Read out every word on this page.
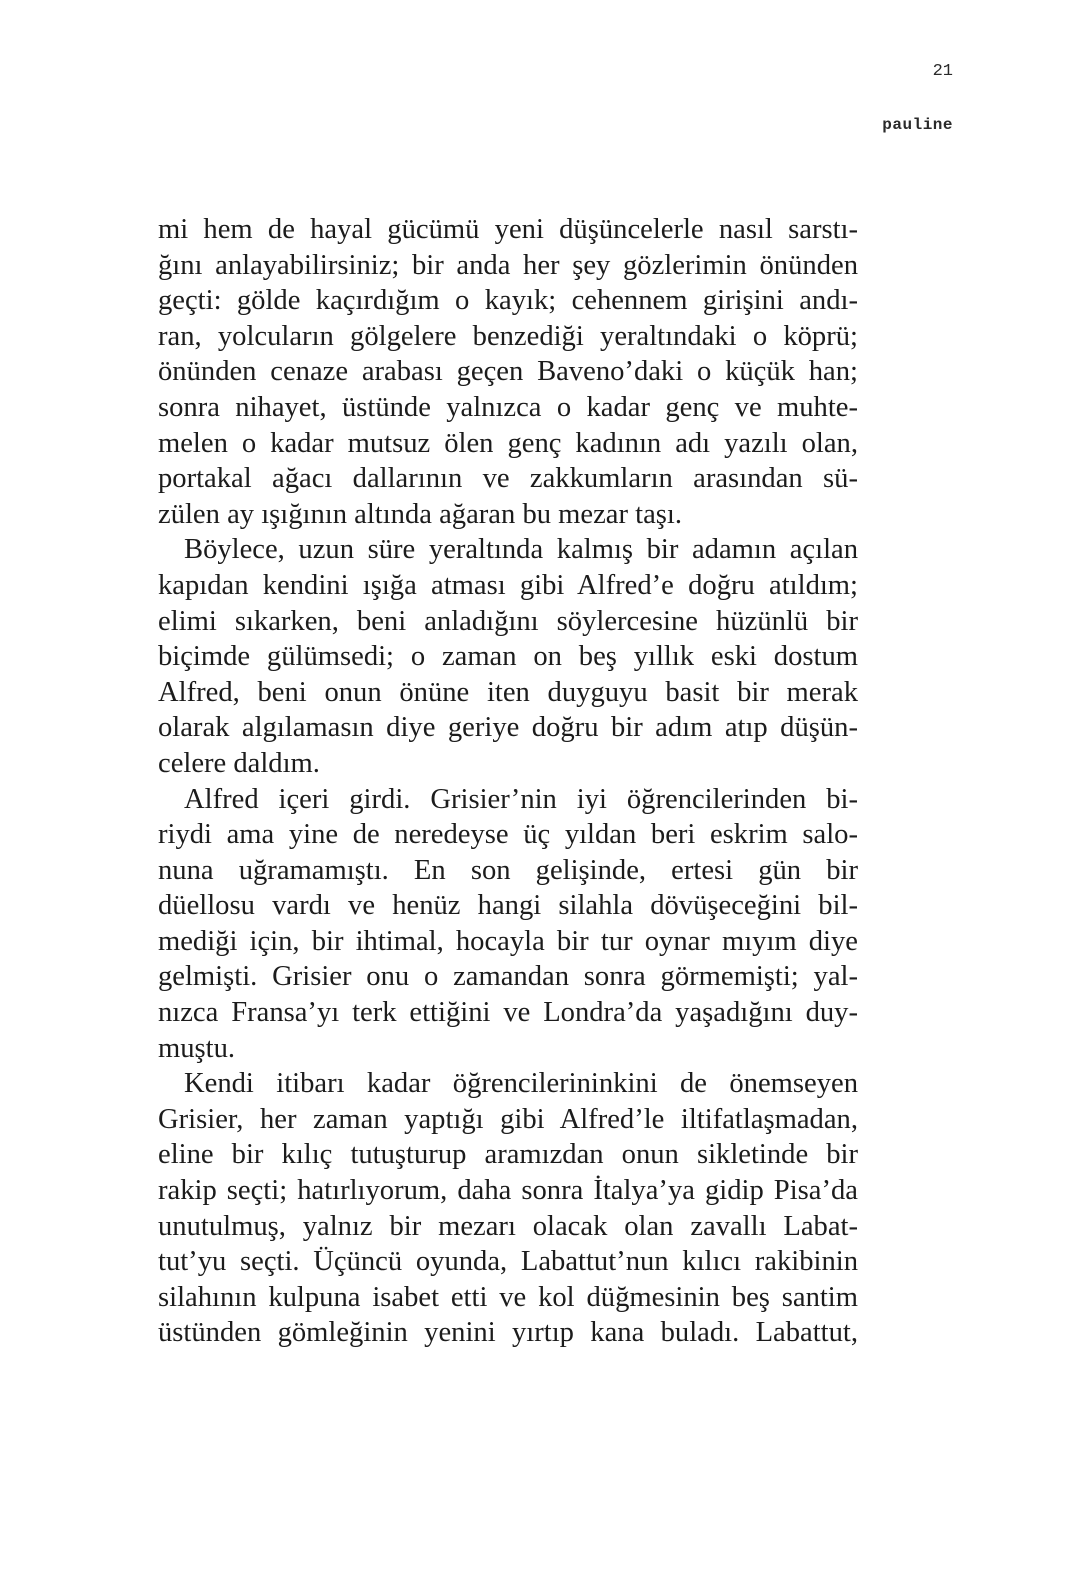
21
pauline
mi hem de hayal gücümü yeni düşüncelerle nasıl sarstı-
ğını anlayabilirsiniz; bir anda her şey gözlerimin önünden
geçti: gölde kaçırdığım o kayık; cehennem girişini andı-
ran, yolcuların gölgelere benzediği yeraltındaki o köprü;
önünden cenaze arabası geçen Baveno’daki o küçük han;
sonra nihayet, üstünde yalnızca o kadar genç ve muhte-
melen o kadar mutsuz ölen genç kadının adı yazılı olan,
portakal ağacı dallarının ve zakkumların arasından sü-
zülen ay ışığının altında ağaran bu mezar taşı.
Böylece, uzun süre yeraltında kalmış bir adamın açılan
kapıdan kendini ışığa atması gibi Alfred’e doğru atıldım;
elimi sıkarken, beni anladığını söylercesine hüzünlü bir
biçimde gülümsedi; o zaman on beş yıllık eski dostum
Alfred, beni onun önüne iten duyguyu basit bir merak
olarak algılamasın diye geriye doğru bir adım atıp düşün-
celere daldım.
Alfred içeri girdi. Grisier’nin iyi öğrencilerinden bi-
riydi ama yine de neredeyse üç yıldan beri eskrim salo-
nuna uğramamıştı. En son gelişinde, ertesi gün bir
düellosu vardı ve henüz hangi silahla dövüşeceğini bil-
mediği için, bir ihtimal, hocayla bir tur oynar mıyım diye
gelmişti. Grisier onu o zamandan sonra görmemişti; yal-
nızca Fransa’yı terk ettiğini ve Londra’da yaşadığını duy-
muştu.
Kendi itibarı kadar öğrencilerininkini de önemseyen
Grisier, her zaman yaptığı gibi Alfred’le iltifatlaşmadan,
eline bir kılıç tutuşturup aramızdan onun sikletinde bir
rakip seçti; hatırlıyorum, daha sonra İtalya’ya gidip Pisa’da
unutulmuş, yalnız bir mezarı olacak olan zavallı Labat-
tut’yu seçti. Üçüncü oyunda, Labattut’nun kılıcı rakibinin
silahının kulpuna isabet etti ve kol düğmesinin beş santim
üstünden gömleğinin yenini yırtıp kana buladı. Labattut,
